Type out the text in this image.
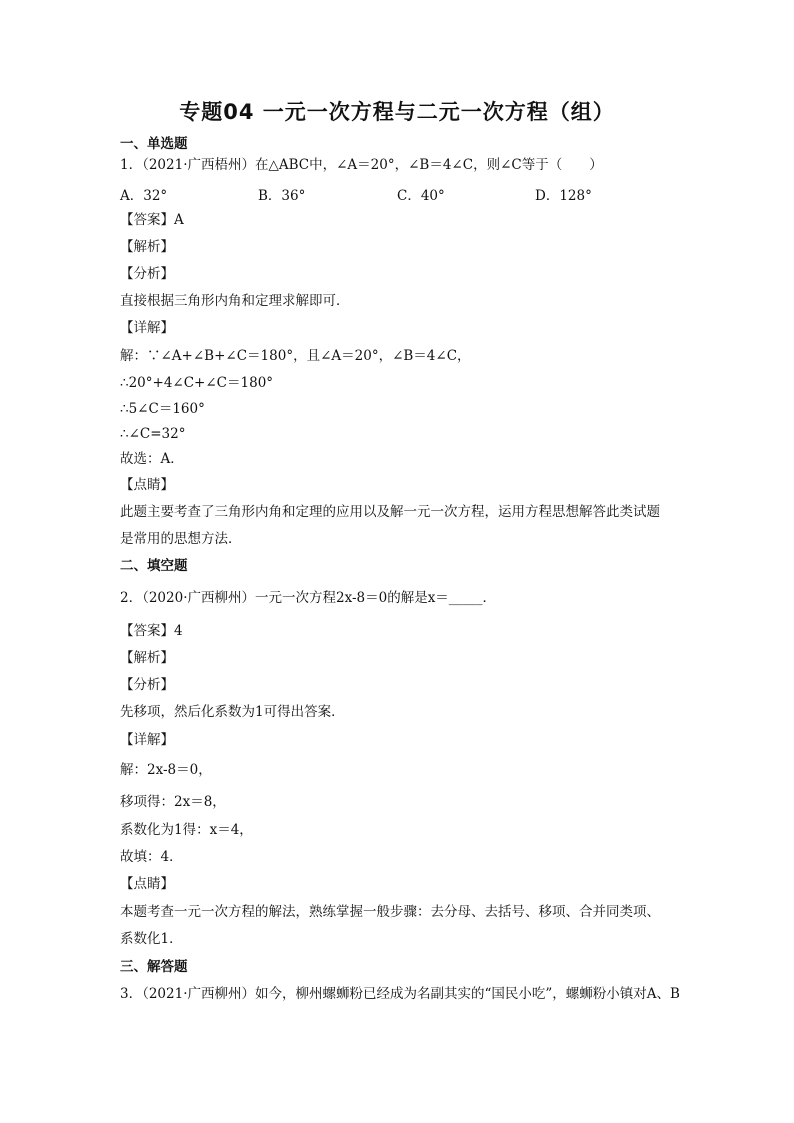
专题04 一元一次方程与二元一次方程（组）
一、单选题
1．（2021·广西梧州）在△ABC中，∠A＝20°，∠B＝4∠C，则∠C等于（　　）
A．32°	B．36°	C．40°	D．128°
【答案】A
【解析】
【分析】
直接根据三角形内角和定理求解即可．
【详解】
解：∵∠A+∠B+∠C＝180°，且∠A＝20°，∠B＝4∠C，
∴20°+4∠C+∠C＝180°
∴5∠C＝160°
∴∠C=32°
故选：A．
【点睛】
此题主要考查了三角形内角和定理的应用以及解一元一次方程，运用方程思想解答此类试题
是常用的思想方法．
二、填空题
2．（2020·广西柳州）一元一次方程2x-8＝0的解是x＝_____．
【答案】4
【解析】
【分析】
先移项，然后化系数为1可得出答案．
【详解】
解：2x-8＝0，
移项得：2x＝8，
系数化为1得：x＝4，
故填：4．
【点睛】
本题考查一元一次方程的解法，熟练掌握一般步骤：去分母、去括号、移项、合并同类项、
系数化1．
三、解答题
3．（2021·广西柳州）如今，柳州螺蛳粉已经成为名副其实的“国民小吃”，螺蛳粉小镇对A、B
